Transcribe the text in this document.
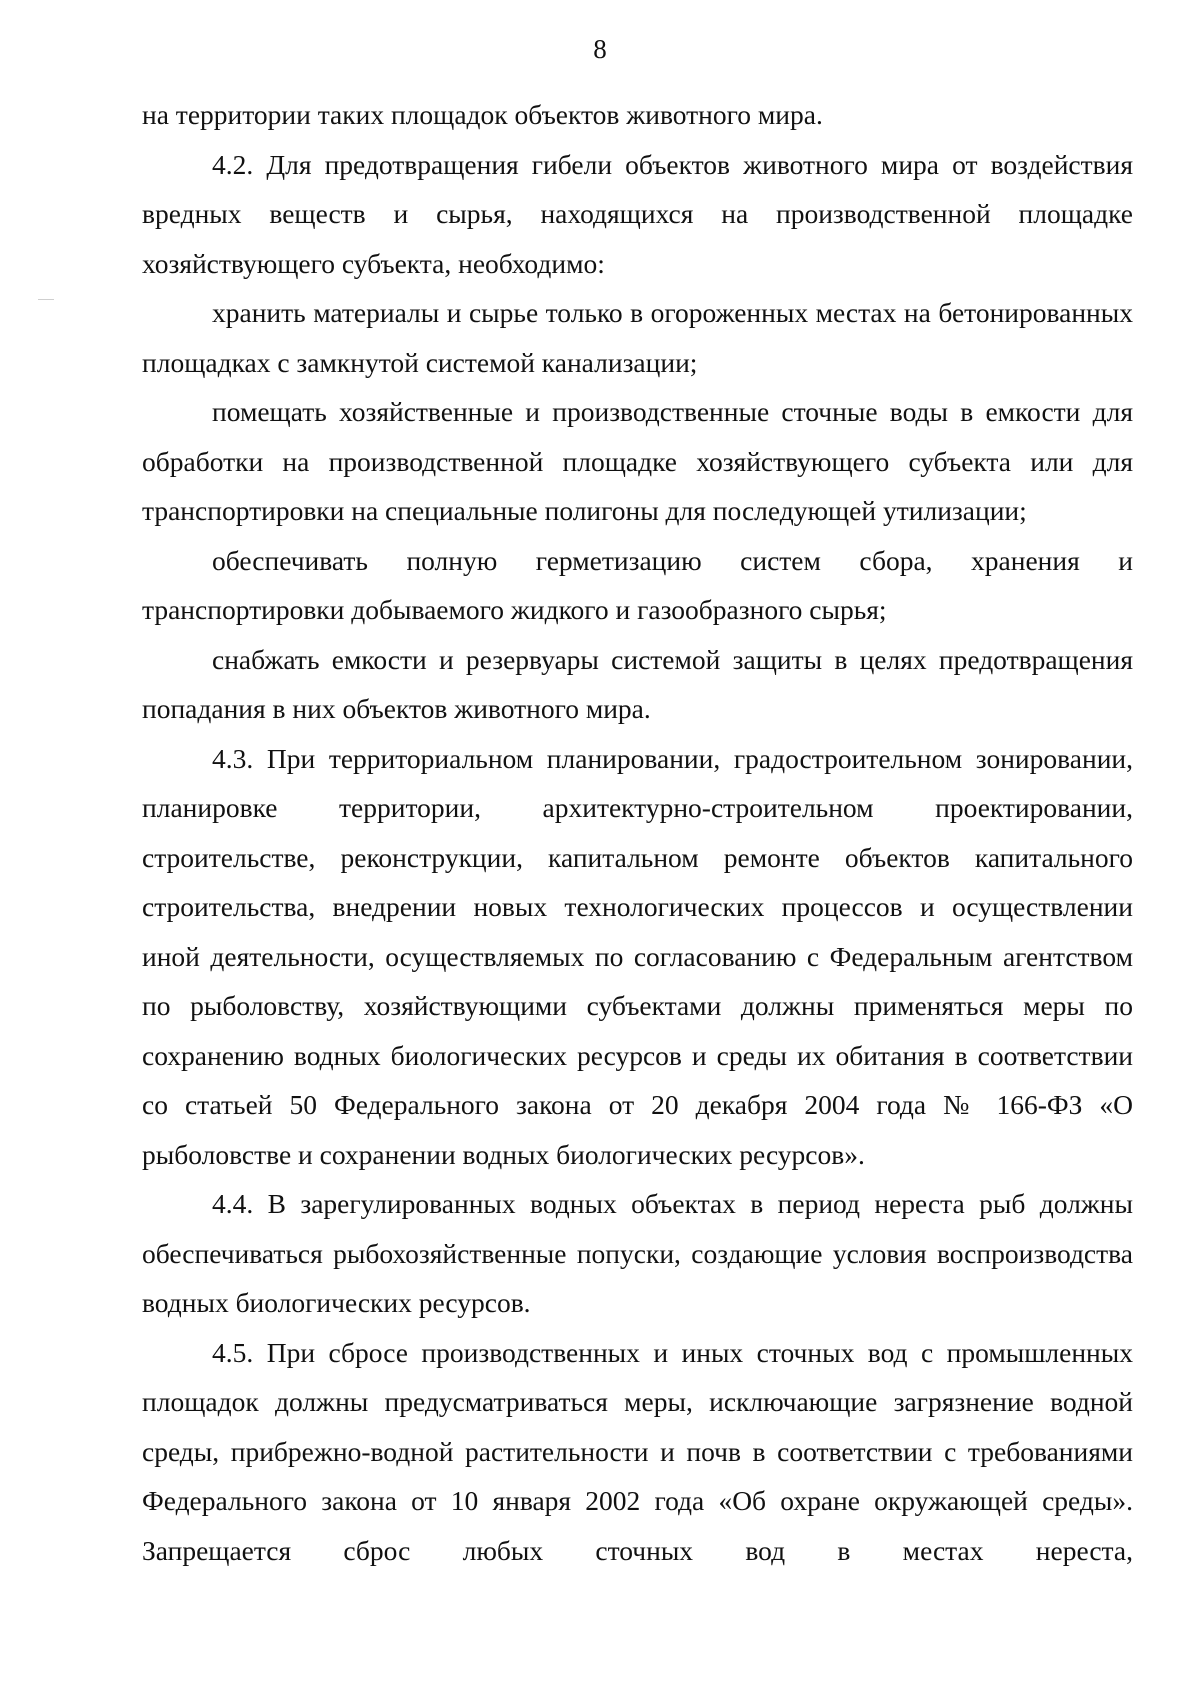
8

на территории таких площадок объектов животного мира.

4.2. Для предотвращения гибели объектов животного мира от воздействия вредных веществ и сырья, находящихся на производственной площадке хозяйствующего субъекта, необходимо:

хранить материалы и сырье только в огороженных местах на бетонированных площадках с замкнутой системой канализации;

помещать хозяйственные и производственные сточные воды в емкости для обработки на производственной площадке хозяйствующего субъекта или для транспортировки на специальные полигоны для последующей утилизации;

обеспечивать полную герметизацию систем сбора, хранения и транспортировки добываемого жидкого и газообразного сырья;

снабжать емкости и резервуары системой защиты в целях предотвращения попадания в них объектов животного мира.

4.3. При территориальном планировании, градостроительном зонировании, планировке территории, архитектурно-строительном проектировании, строительстве, реконструкции, капитальном ремонте объектов капитального строительства, внедрении новых технологических процессов и осуществлении иной деятельности, осуществляемых по согласованию с Федеральным агентством по рыболовству, хозяйствующими субъектами должны применяться меры по сохранению водных биологических ресурсов и среды их обитания в соответствии со статьей 50 Федерального закона от 20 декабря 2004 года № 166-ФЗ «О рыболовстве и сохранении водных биологических ресурсов».

4.4. В зарегулированных водных объектах в период нереста рыб должны обеспечиваться рыбохозяйственные попуски, создающие условия воспроизводства водных биологических ресурсов.

4.5. При сбросе производственных и иных сточных вод с промышленных площадок должны предусматриваться меры, исключающие загрязнение водной среды, прибрежно-водной растительности и почв в соответствии с требованиями Федерального закона от 10 января 2002 года «Об охране окружающей среды». Запрещается сброс любых сточных вод в местах нереста,
